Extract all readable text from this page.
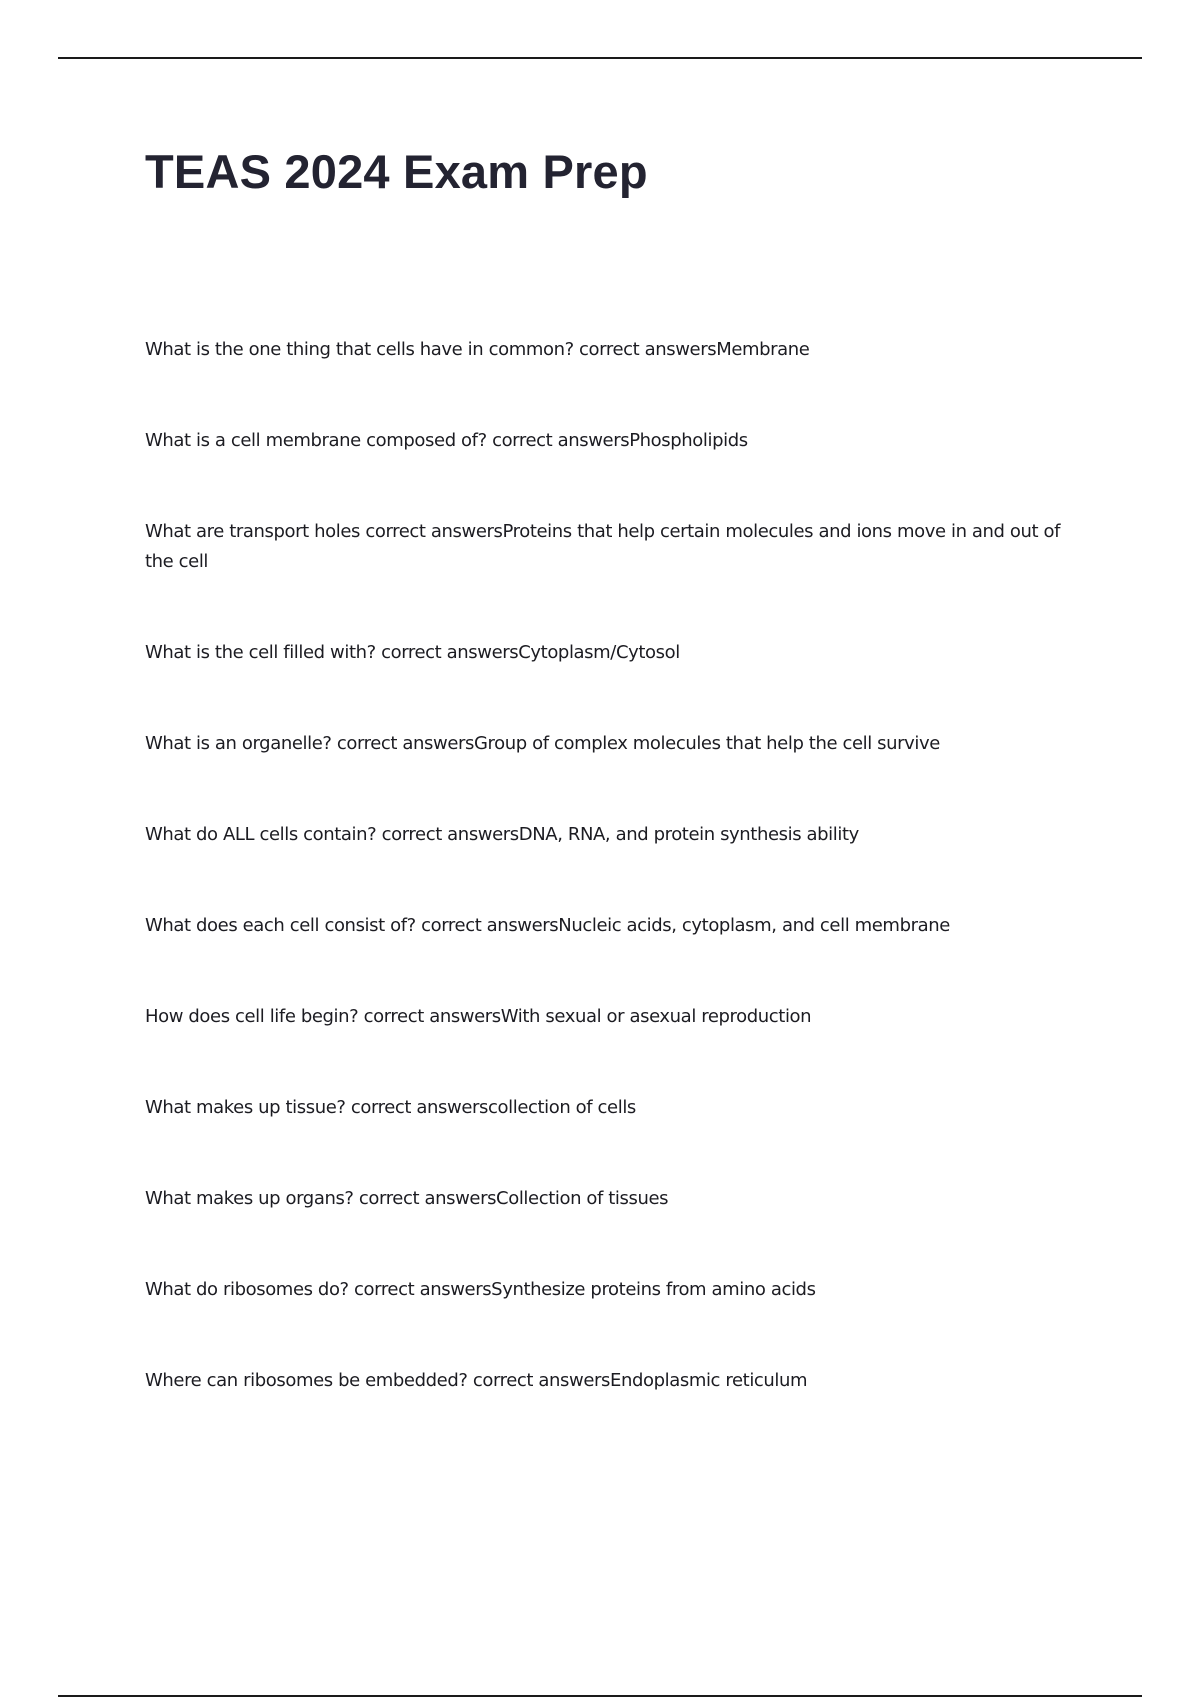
TEAS 2024 Exam Prep
What is the one thing that cells have in common? correct answersMembrane
What is a cell membrane composed of? correct answersPhospholipids
What are transport holes correct answersProteins that help certain molecules and ions move in and out of the cell
What is the cell filled with? correct answersCytoplasm/Cytosol
What is an organelle? correct answersGroup of complex molecules that help the cell survive
What do ALL cells contain? correct answersDNA, RNA, and protein synthesis ability
What does each cell consist of? correct answersNucleic acids, cytoplasm, and cell membrane
How does cell life begin? correct answersWith sexual or asexual reproduction
What makes up tissue? correct answerscollection of cells
What makes up organs? correct answersCollection of tissues
What do ribosomes do? correct answersSynthesize proteins from amino acids
Where can ribosomes be embedded? correct answersEndoplasmic reticulum
